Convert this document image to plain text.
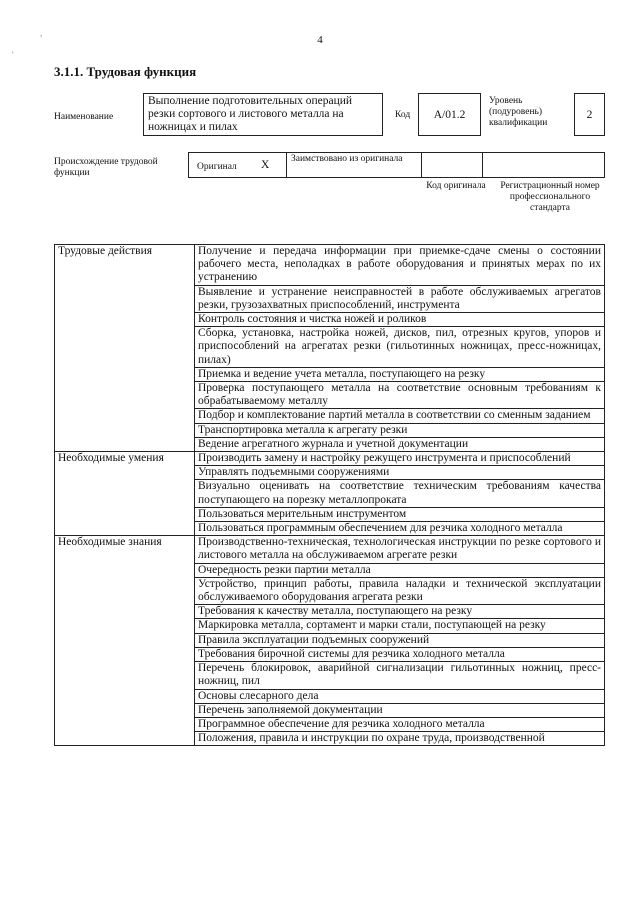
,
'
4
3.1.1. Трудовая функция
Наименование
Выполнение подготовительных операций резки сортового и листового металла на ножницах и пилах
Код	A/01.2
Уровень (подуровень) квалификации
2
Происхождение трудовой функции
Оригинал X	Заимствовано из оригинала
Код оригинала	Регистрационный номер профессионального стандарта
Трудовые действия	Получение и передача информации при приемке-сдаче смены о состоянии рабочего места, неполадках в работе оборудования и принятых мерах по их устранению
	Выявление и устранение неисправностей в работе обслуживаемых агрегатов резки, грузозахватных приспособлений, инструмента
	Контроль состояния и чистка ножей и роликов
	Сборка, установка, настройка ножей, дисков, пил, отрезных кругов, упоров и приспособлений на агрегатах резки (гильотинных ножницах, пресс-ножницах, пилах)
	Приемка и ведение учета металла, поступающего на резку
	Проверка поступающего металла на соответствие основным требованиям к обрабатываемому металлу
	Подбор и комплектование партий металла в соответствии со сменным заданием
	Транспортировка металла к агрегату резки
	Ведение агрегатного журнала и учетной документации
Необходимые умения	Производить замену и настройку режущего инструмента и приспособлений
	Управлять подъемными сооружениями
	Визуально оценивать на соответствие техническим требованиям качества поступающего на порезку металлопроката
	Пользоваться мерительным инструментом
	Пользоваться программным обеспечением для резчика холодного металла
Необходимые знания	Производственно-техническая, технологическая инструкции по резке сортового и листового металла на обслуживаемом агрегате резки
	Очередность резки партии металла
	Устройство, принцип работы, правила наладки и технической эксплуатации обслуживаемого оборудования агрегата резки
	Требования к качеству металла, поступающего на резку
	Маркировка металла, сортамент и марки стали, поступающей на резку
	Правила эксплуатации подъемных сооружений
	Требования бирочной системы для резчика холодного металла
	Перечень блокировок, аварийной сигнализации гильотинных ножниц, пресс-ножниц, пил
	Основы слесарного дела
	Перечень заполняемой документации
	Программное обеспечение для резчика холодного металла
	Положения, правила и инструкции по охране труда, производственной
